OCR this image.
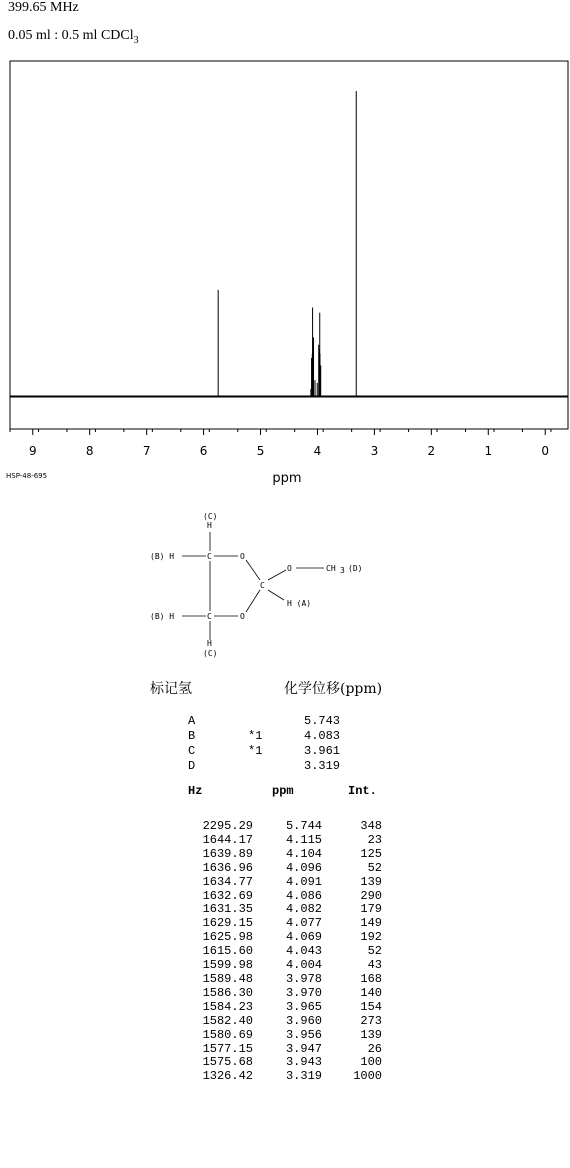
399.65 MHz
0.05 ml : 0.5 ml CDCl$_3$
9	8	7	6	5	4	3	2	1	0
ppm
HSP-48-695
(C)
H
(B) H	C	O
C
O	CH 3 (D)
H (A)
(B) H	C	O
H
(C)
标记氢	化学位移(ppm)
A	5.743
B	*1	4.083
C	*1	3.961
D	3.319
Hz	ppm	Int.
2295.29	5.744	348
1644.17	4.115	23
1639.89	4.104	125
1636.96	4.096	52
1634.77	4.091	139
1632.69	4.086	290
1631.35	4.082	179
1629.15	4.077	149
1625.98	4.069	192
1615.60	4.043	52
1599.98	4.004	43
1589.48	3.978	168
1586.30	3.970	140
1584.23	3.965	154
1582.40	3.960	273
1580.69	3.956	139
1577.15	3.947	26
1575.68	3.943	100
1326.42	3.319	1000
